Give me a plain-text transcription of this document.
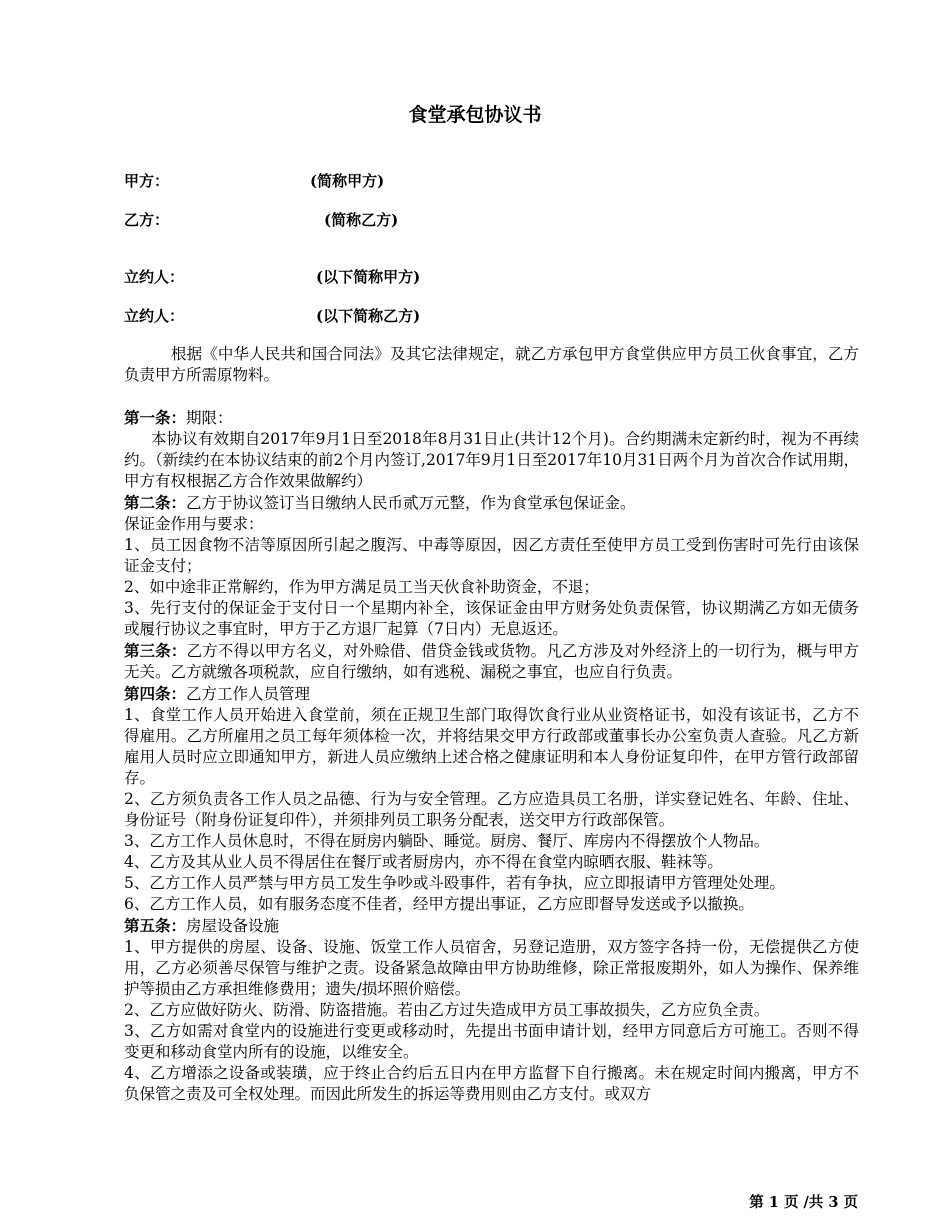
食堂承包协议书
甲方：	(简称甲方)
乙方：	(简称乙方)
立约人：	(以下简称甲方)
立约人：	(以下简称乙方)

根据《中华人民共和国合同法》及其它法律规定，就乙方承包甲方食堂供应甲方员工伙食事宜，乙方负责甲方所需原物料。

第一条：期限：

本协议有效期自2017年9月1日至2018年8月31日止(共计12个月)。合约期满未定新约时，视为不再续约。（新续约在本协议结束的前2个月内签订,2017年9月1日至2017年10月31日两个月为首次合作试用期，甲方有权根据乙方合作效果做解约）

第二条：乙方于协议签订当日缴纳人民币贰万元整，作为食堂承包保证金。

保证金作用与要求：

1、员工因食物不洁等原因所引起之腹泻、中毒等原因，因乙方责任至使甲方员工受到伤害时可先行由该保证金支付；

2、如中途非正常解约，作为甲方满足员工当天伙食补助资金，不退；

3、先行支付的保证金于支付日一个星期内补全，该保证金由甲方财务处负责保管，协议期满乙方如无债务或履行协议之事宜时，甲方于乙方退厂起算（7日内）无息返还。

第三条：乙方不得以甲方名义，对外赊借、借贷金钱或货物。凡乙方涉及对外经济上的一切行为，概与甲方无关。乙方就缴各项税款，应自行缴纳，如有逃税、漏税之事宜，也应自行负责。

第四条：乙方工作人员管理

1、食堂工作人员开始进入食堂前，须在正规卫生部门取得饮食行业从业资格证书，如没有该证书，乙方不得雇用。乙方所雇用之员工每年须体检一次，并将结果交甲方行政部或董事长办公室负责人查验。凡乙方新雇用人员时应立即通知甲方，新进人员应缴纳上述合格之健康证明和本人身份证复印件，在甲方管行政部留存。

2、乙方须负责各工作人员之品德、行为与安全管理。乙方应造具员工名册，详实登记姓名、年龄、住址、身份证号（附身份证复印件），并须排列员工职务分配表，送交甲方行政部保管。

3、乙方工作人员休息时，不得在厨房内躺卧、睡觉。厨房、餐厅、库房内不得摆放个人物品。

4、乙方及其从业人员不得居住在餐厅或者厨房内，亦不得在食堂内晾晒衣服、鞋袜等。

5、乙方工作人员严禁与甲方员工发生争吵或斗殴事件，若有争执，应立即报请甲方管理处处理。

6、乙方工作人员，如有服务态度不佳者，经甲方提出事证，乙方应即督导发送或予以撤换。

第五条：房屋设备设施

1、甲方提供的房屋、设备、设施、饭堂工作人员宿舍，另登记造册，双方签字各持一份，无偿提供乙方使用，乙方必须善尽保管与维护之责。设备紧急故障由甲方协助维修，除正常报废期外，如人为操作、保养维护等损由乙方承担维修费用；遗失/损坏照价赔偿。

2、乙方应做好防火、防滑、防盗措施。若由乙方过失造成甲方员工事故损失，乙方应负全责。

3、乙方如需对食堂内的设施进行变更或移动时，先提出书面申请计划，经甲方同意后方可施工。否则不得变更和移动食堂内所有的设施，以维安全。

4、乙方增添之设备或装璜，应于终止合约后五日内在甲方监督下自行搬离。未在规定时间内搬离，甲方不负保管之责及可全权处理。而因此所发生的拆运等费用则由乙方支付。或双方

第 1 页 /共 3 页
